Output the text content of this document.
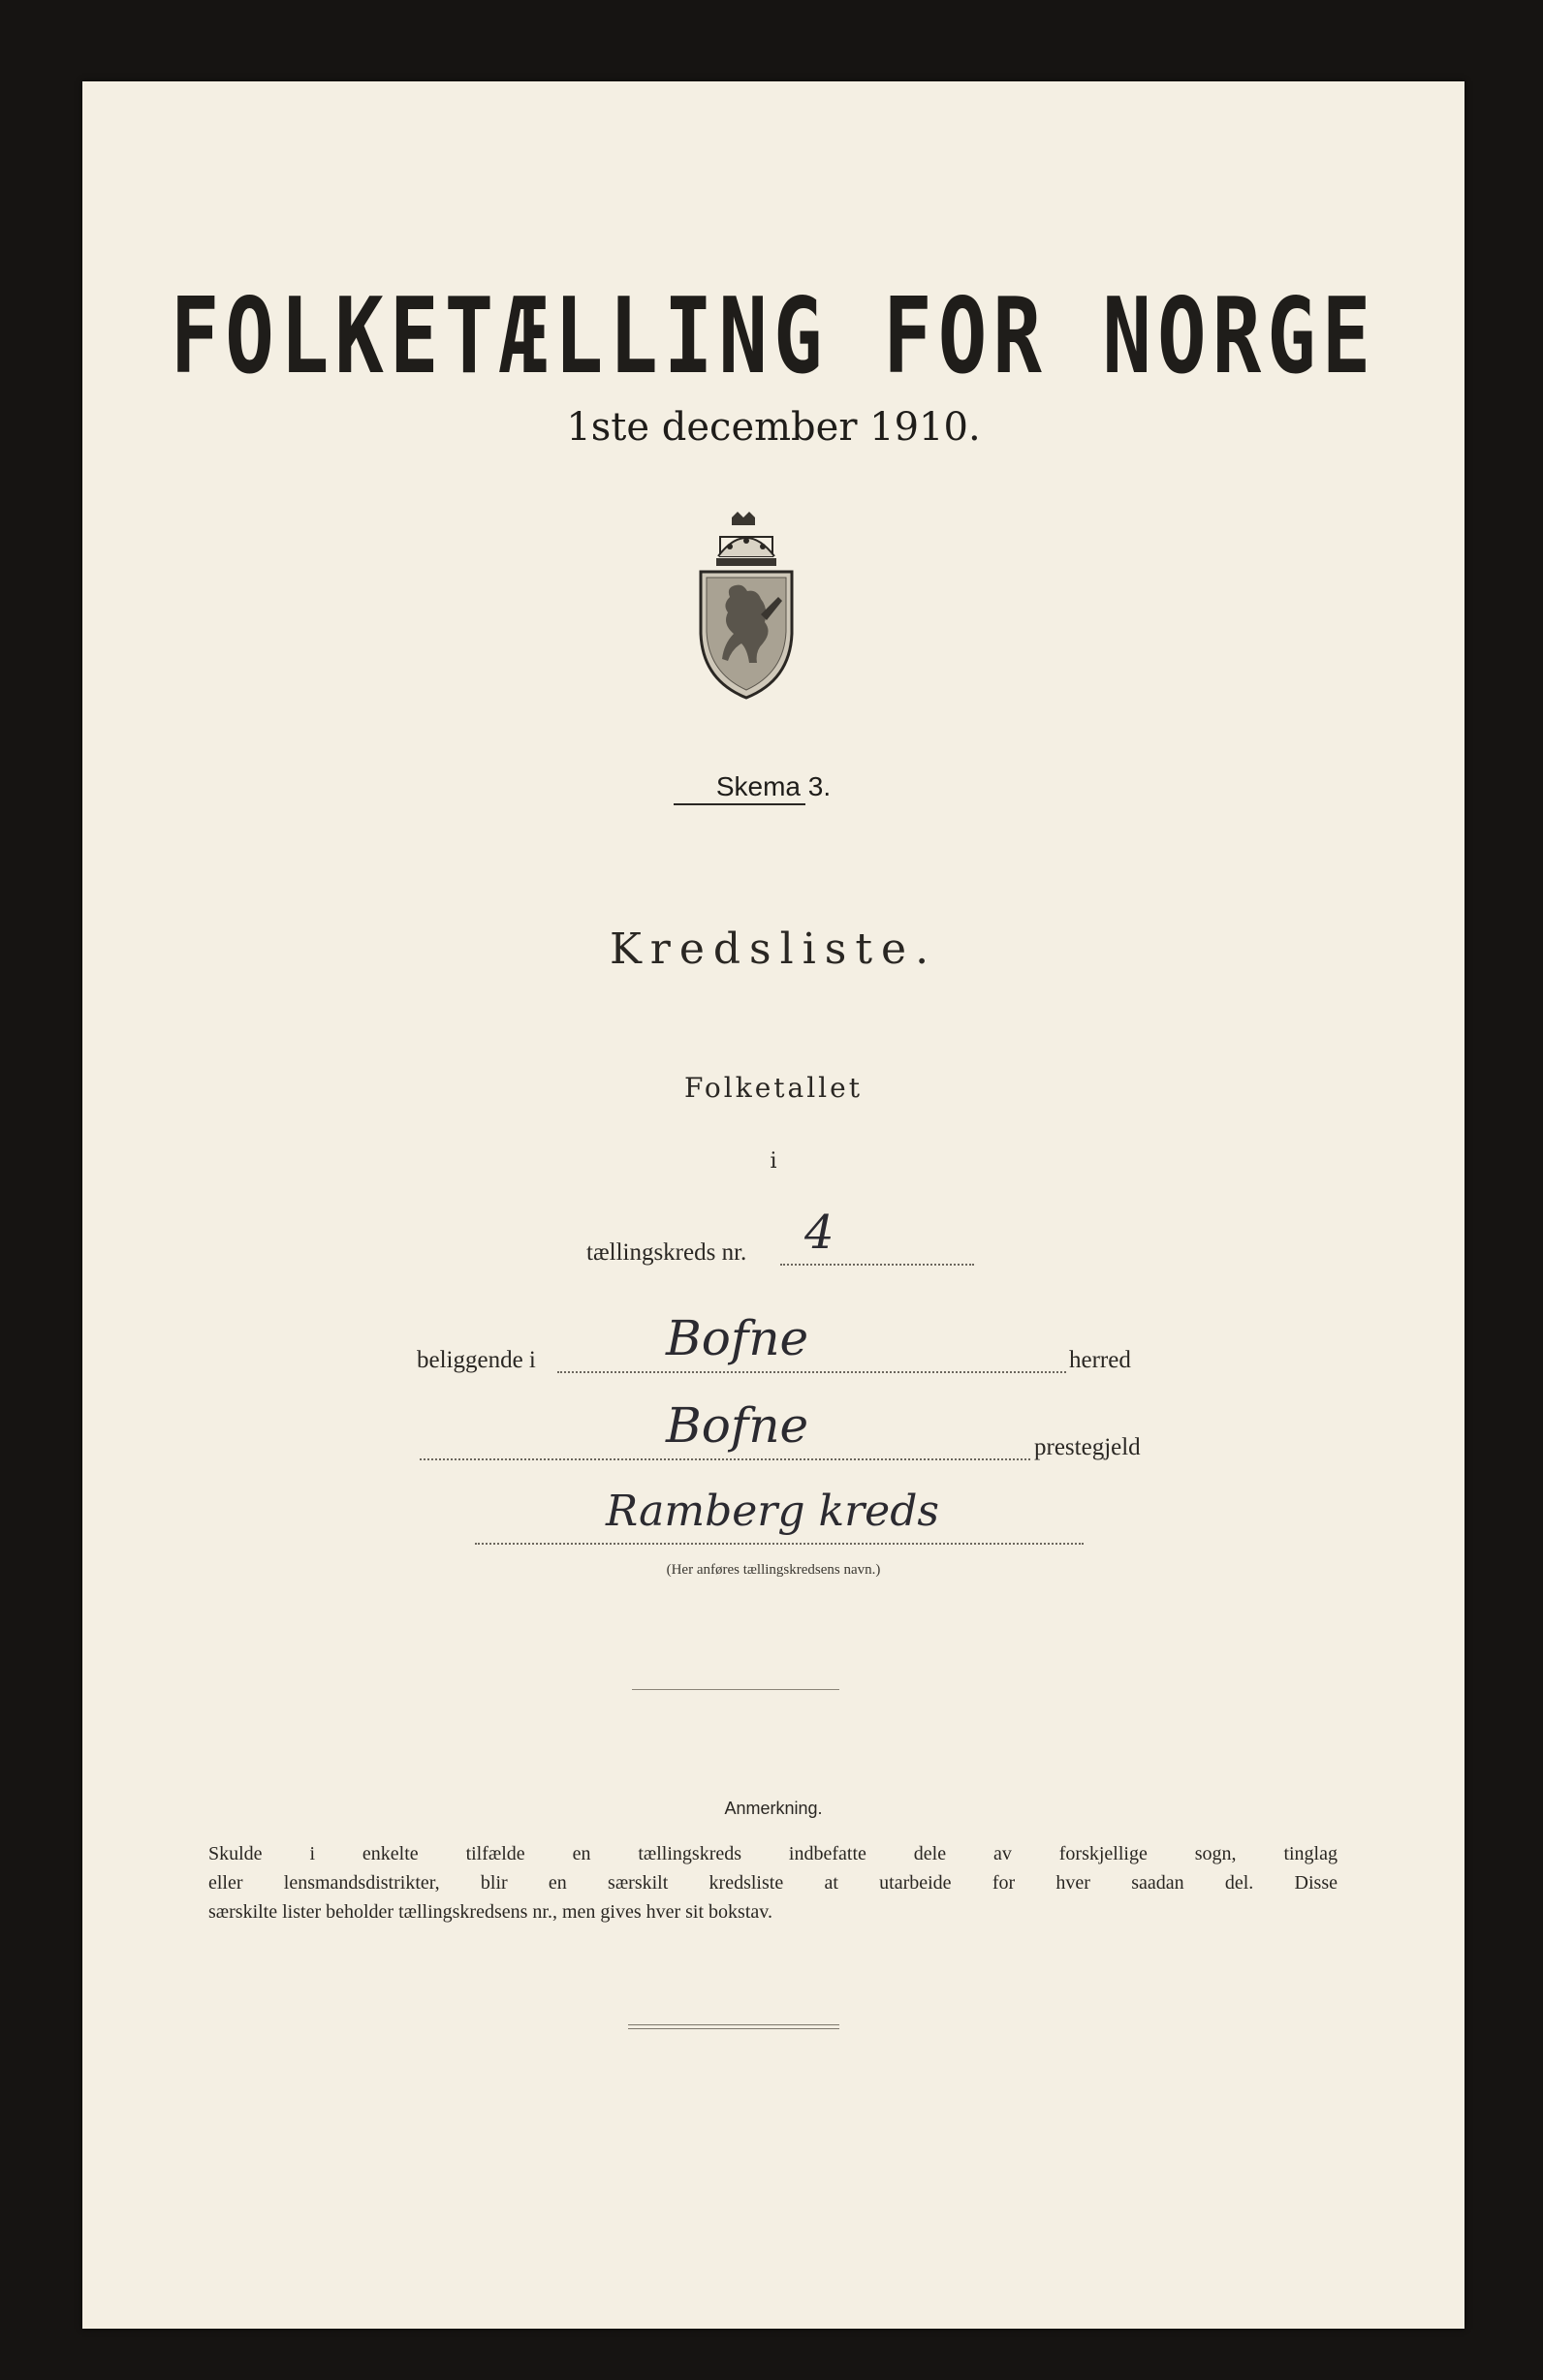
FOLKETÆLLING FOR NORGE
1ste december 1910.
Skema 3.
Kredsliste.
Folketallet
i
tællingskreds nr. 4
beliggende i	Bofne	herred
Bofne	prestegjeld
Ramberg kreds
(Her anføres tællingskredsens navn.)
Anmerkning.
Skulde i enkelte tilfælde en tællingskreds indbefatte dele av forskjellige sogn, tinglag
eller lensmandsdistrikter, blir en særskilt kredsliste at utarbeide for hver saadan del. Disse
særskilte lister beholder tællingskredsens nr., men gives hver sit bokstav.
